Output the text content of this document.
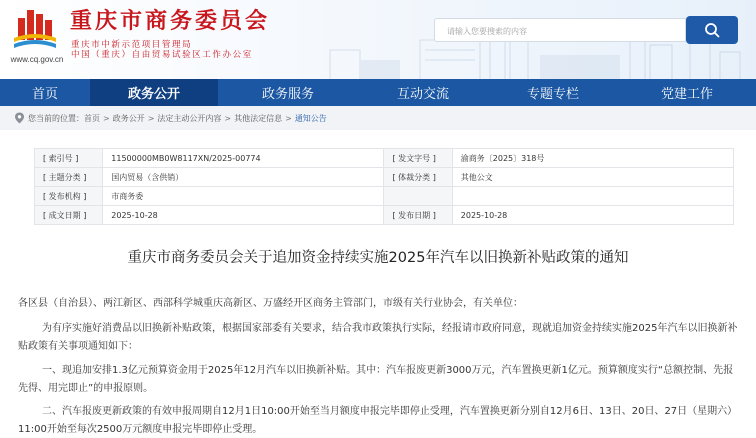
www.cq.gov.cn
重庆市商务委员会
重庆市中新示范项目管理局
中国（重庆）自由贸易试验区工作办公室
请输入您要搜索的内容
首页	政务公开	政务服务	互动交流	专题专栏	党建工作
您当前的位置： 首页 > 政务公开 > 法定主动公开内容 > 其他法定信息 > 通知公告
[ 索引号 ]	11500000MB0W8117XN/2025-00774	[ 发文字号 ]	渝商务〔2025〕318号
[ 主题分类 ]	国内贸易（含供销）	[ 体裁分类 ]	其他公文
[ 发布机构 ]	市商务委		
[ 成文日期 ]	2025-10-28	[ 发布日期 ]	2025-10-28
重庆市商务委员会关于追加资金持续实施2025年汽车以旧换新补贴政策的通知
各区县（自治县）、两江新区、西部科学城重庆高新区、万盛经开区商务主管部门，市级有关行业协会，有关单位：
为有序实施好消费品以旧换新补贴政策，根据国家部委有关要求，结合我市政策执行实际，经报请市政府同意，现就追加资金持续实施2025年汽车以旧换新补贴政策有关事项通知如下：
一、现追加安排1.3亿元预算资金用于2025年12月汽车以旧换新补贴。其中：汽车报废更新3000万元，汽车置换更新1亿元。预算额度实行“总额控制、先报先得、用完即止”的申报原则。
二、汽车报废更新政策的有效申报周期自12月1日10:00开始至当月额度申报完毕即停止受理，汽车置换更新分别自12月6日、13日、20日、27日（星期六）11:00开始至每次2500万元额度申报完毕即停止受理。
